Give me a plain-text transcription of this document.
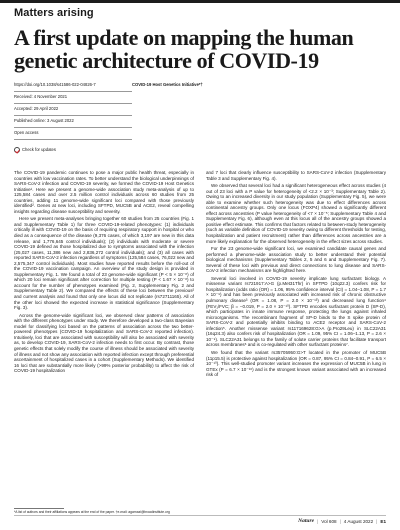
Matters arising
A first update on mapping the human genetic architecture of COVID-19
https://doi.org/10.1038/s41586-022-04826-7	COVID-19 Host Genetics Initiative*†
Received: 4 November 2021
Accepted: 29 April 2022
Published online: 3 August 2022
Open access
Check for updates

The COVID-19 pandemic continues to pose a major public health threat, especially in countries with low vaccination rates. To better understand the biological underpinnings of SARS-CoV-2 infection and COVID-19 severity, we formed the COVID-19 Host Genetics Initiative¹. Here we present a genome-wide association study meta-analysis of up to 125,584 cases and over 2.5 million control individuals across 60 studies from 25 countries, adding 11 genome-wide significant loci compared with those previously identified². Genes at new loci, including SFTPD, MUC5B and ACE2, reveal compelling insights regarding disease susceptibility and severity.

Here we present meta-analyses bringing together 60 studies from 25 countries (Fig. 1 and Supplementary Table 1) for three COVID-19-related phenotypes: (1) individuals critically ill with COVID-19 on the basis of requiring respiratory support in hospital or who died as a consequence of the disease (9,376 cases, of which 3,197 are new in this data release, and 1,776,645 control individuals); (2) individuals with moderate or severe COVID-19 defined as those hospitalized due to symptoms associated with the infection (25,027 cases, 11,386 new and 2,836,272 control individuals); and (3) all cases with reported SARS-CoV-2 infection regardless of symptoms (125,584 cases, 76,022 new and 2,575,347 control individuals). Most studies have reported results before the roll-out of the COVID-19 vaccination campaign. An overview of the study design is provided in Supplementary Fig. 1. We found a total of 23 genome-wide significant (P < 5 × 10⁻⁸) of which 20 loci remain significant after correction for multiple testing (P < 1.67 × 10⁻⁸) to account for the number of phenotypes examined (Fig. 2, Supplementary Fig. 2 and Supplementary Table 2). We compared the effects of these loci between the previous² and current analysis and found that only one locus did not replicate (rs72711165). All of the other loci showed the expected increase in statistical significance (Supplementary Fig. 3).

Across the genome-wide significant loci, we observed clear patterns of association with the different phenotypes under study. We therefore developed a two-class Bayesian model for classifying loci based on the patterns of association across the two better-powered phenotypes (COVID-19 hospitalization and SARS-CoV-2 reported infection). Intuitively, loci that are associated with susceptibility will also be associated with severity as, to develop COVID-19, SARS-CoV-2 infection needs to first occur. By contrast, those genetic effects that solely modify the course of illness should be associated with severity of illness and not show any association with reported infection except through preferential ascertainment of hospitalized cases in a cohort (Supplementary Methods). We identified 16 loci that are substantially more likely (>99% posterior probability) to affect the risk of COVID-19 hospitalization

and 7 loci that clearly influence susceptibility to SARS-CoV-2 infection (Supplementary Table 3 and Supplementary Fig. 4).

We observed that several loci had a significant heterogeneous effect across studies (4 out of 23 loci with a P value for heterogeneity of <2.2 × 10⁻³; Supplementary Table 2). Owing to an increased diversity in our study population (Supplementary Fig. 5), we were able to examine whether such heterogeneity was due to effect differences across continental ancestry groups. Only one locus (FOXP4) showed a significantly different effect across ancestries (P value heterogeneity of <7 × 10⁻⁵; Supplementary Table 4 and Supplementary Fig. 6), although even at this locus all of the ancestry groups showed a positive effect estimate. This confirms that factors related to between-study heterogeneity (such as variable definition of COVID-19 severity owing to different thresholds for testing, hospitalization and patient recruitment) rather than differences across ancestries are a more likely explanation for the observed heterogeneity in the effect sizes across studies.

For the 23 genome-wide significant loci, we examined candidate causal genes and performed a phenome-wide association study to better understand their potential biological mechanisms (Supplementary Tables 2, 5 and 6 and Supplementary Fig. 7). Several of these loci with previous and direct connections to lung disease and SARS-CoV-2 infection mechanisms are highlighted here.

Several loci involved in COVID-19 severity implicate lung surfactant biology. A missense variant rs721917:A>G (p.Met31Thr) in SFTPD (10q22.3) confers risk for hospitalization (odds ratio (OR) = 1.06, 95% confidence interval (CI) = 1.04–1.08, P = 1.7 × 10⁻⁹) and has been previously associated with increased risk of chronic obstructive pulmonary disease³ (OR = 1.08, P = 2.0 × 10⁻¹³) and decreased lung function⁴ (FEV₁/FVC; β = −0.019, P = 2.0 × 10⁻¹⁰). SFTPD encodes surfactant protein D (SP-D), which participates in innate immune response, protecting the lungs against inhaled microorganisms. The recombinant fragment of SP-D binds to the S spike protein of SARS-CoV-2 and potentially inhibits binding to ACE2 receptor and SARS-CoV-2 infection⁵. Another missense variant rs117169628:G>A (p.Pro29Leu) in SLC22A31 (16q24.3) also confers risk of hospitalization (OR = 1.09, 95% CI = 1.06–1.13, P = 2.6 × 10⁻⁹). SLC22A31 belongs to the family of solute carrier proteins that facilitate transport across membranes⁶ and is co-regulated with other surfactant proteins⁷.

We found that the variant rs35705950:G>T located in the promoter of MUC5B (11p15.5) is protective against hospitalization (OR = 0.87, 95% CI = 0.84–0.91, P = 6.5 × 10⁻¹⁰). This well-studied promoter variant increases the expression of MUC5B in lung in GTEx (P = 6.7 × 10⁻¹⁶) and is the strongest known variant associated with an increased risk of

*A list of authors and their affiliations appears at the end of the paper. †e-mail: agarnazi@broadinstitute.org
Nature | Vol 608 | 4 August 2022 | E1
